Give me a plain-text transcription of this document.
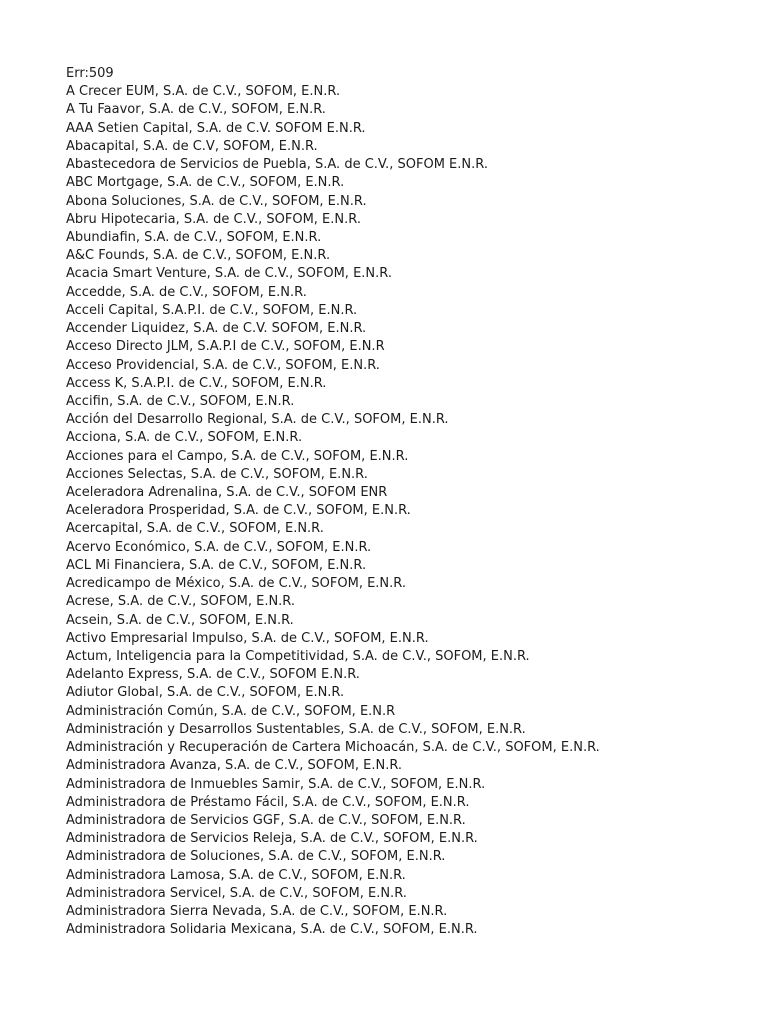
Err:509
A Crecer EUM, S.A. de C.V., SOFOM, E.N.R.
A Tu Faavor, S.A. de C.V., SOFOM, E.N.R.
AAA Setien Capital, S.A. de C.V. SOFOM E.N.R.
Abacapital, S.A. de C.V, SOFOM, E.N.R.
Abastecedora de Servicios de Puebla, S.A. de C.V., SOFOM E.N.R.
ABC Mortgage, S.A. de C.V., SOFOM, E.N.R.
Abona Soluciones, S.A. de C.V., SOFOM, E.N.R.
Abru Hipotecaria, S.A. de C.V., SOFOM, E.N.R.
Abundiafin, S.A. de C.V., SOFOM, E.N.R.
A&C Founds, S.A. de C.V., SOFOM, E.N.R.
Acacia Smart Venture, S.A. de C.V., SOFOM, E.N.R.
Accedde, S.A. de C.V., SOFOM, E.N.R.
Acceli Capital, S.A.P.I. de C.V., SOFOM, E.N.R.
Accender Liquidez, S.A. de C.V. SOFOM, E.N.R.
Acceso Directo JLM, S.A.P.I de C.V., SOFOM, E.N.R
Acceso Providencial, S.A. de C.V., SOFOM, E.N.R.
Access K, S.A.P.I. de C.V., SOFOM, E.N.R.
Accifin, S.A. de C.V., SOFOM, E.N.R.
Acción del Desarrollo Regional, S.A. de C.V., SOFOM, E.N.R.
Acciona, S.A. de C.V., SOFOM, E.N.R.
Acciones para el Campo, S.A. de C.V., SOFOM, E.N.R.
Acciones Selectas, S.A. de C.V., SOFOM, E.N.R.
Aceleradora Adrenalina, S.A. de C.V., SOFOM ENR
Aceleradora Prosperidad, S.A. de C.V., SOFOM, E.N.R.
Acercapital, S.A. de C.V., SOFOM, E.N.R.
Acervo Económico, S.A. de C.V., SOFOM, E.N.R.
ACL Mi Financiera, S.A. de C.V., SOFOM, E.N.R.
Acredicampo de México, S.A. de C.V., SOFOM, E.N.R.
Acrese, S.A. de C.V., SOFOM, E.N.R.
Acsein, S.A. de C.V., SOFOM, E.N.R.
Activo Empresarial Impulso, S.A. de C.V., SOFOM, E.N.R.
Actum, Inteligencia para la Competitividad, S.A. de C.V., SOFOM, E.N.R.
Adelanto Express, S.A. de C.V., SOFOM E.N.R.
Adiutor Global, S.A. de C.V., SOFOM, E.N.R.
Administración Común, S.A. de C.V., SOFOM, E.N.R
Administración y Desarrollos Sustentables, S.A. de C.V., SOFOM, E.N.R.
Administración y Recuperación de Cartera Michoacán, S.A. de C.V., SOFOM, E.N.R.
Administradora Avanza, S.A. de C.V., SOFOM, E.N.R.
Administradora de Inmuebles Samir, S.A. de C.V., SOFOM, E.N.R.
Administradora de Préstamo Fácil, S.A. de C.V., SOFOM, E.N.R.
Administradora de Servicios GGF, S.A. de C.V., SOFOM, E.N.R.
Administradora de Servicios Releja, S.A. de C.V., SOFOM, E.N.R.
Administradora de Soluciones, S.A. de C.V., SOFOM, E.N.R.
Administradora Lamosa, S.A. de C.V., SOFOM, E.N.R.
Administradora Servicel, S.A. de C.V., SOFOM, E.N.R.
Administradora Sierra Nevada, S.A. de C.V., SOFOM, E.N.R.
Administradora Solidaria Mexicana, S.A. de C.V., SOFOM, E.N.R.
